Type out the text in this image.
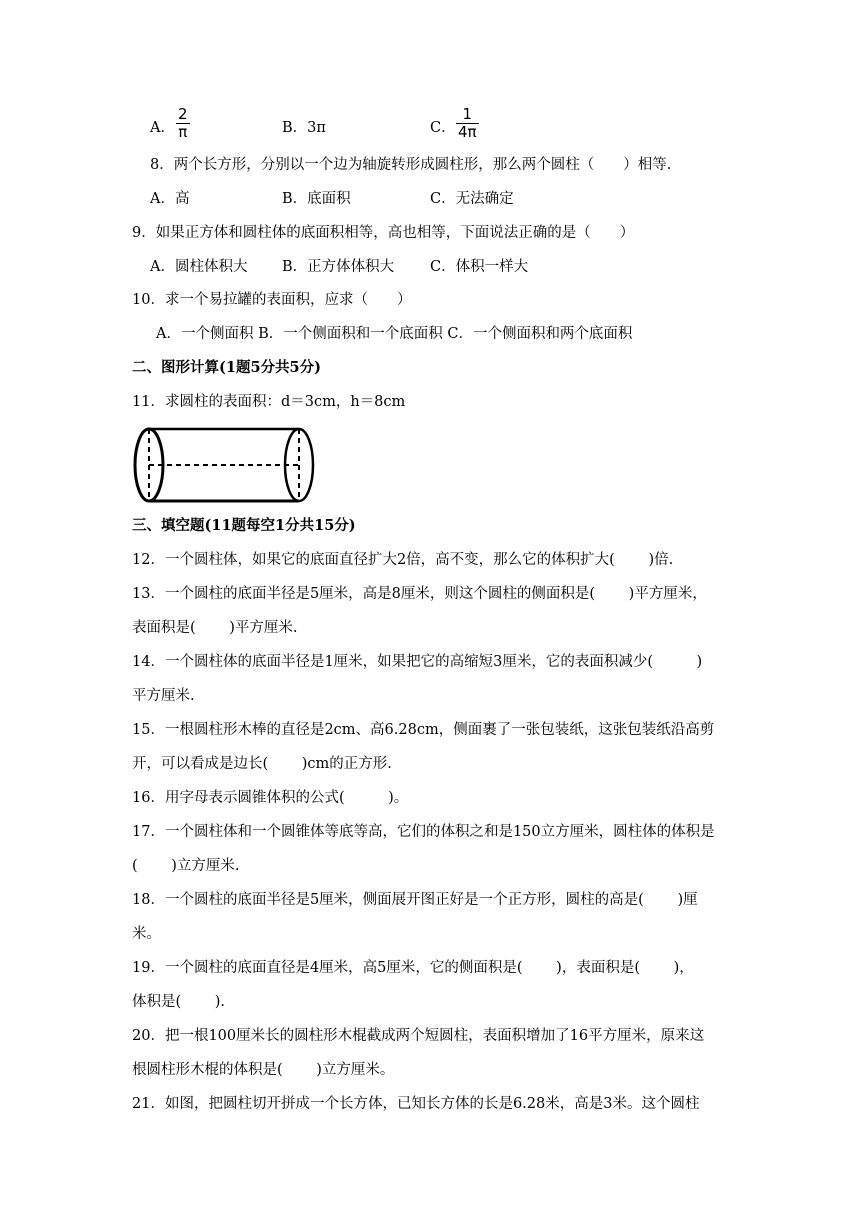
A． $\frac{2}{\pi}$	B．3π	C． $\frac{1}{4\pi}$
8．两个长方形，分别以一个边为轴旋转形成圆柱形，那么两个圆柱（　　）相等.
A．高	B．底面积	C．无法确定
9．如果正方体和圆柱体的底面积相等，高也相等，下面说法正确的是（　　）
A．圆柱体积大 B．正方体体积大 C．体积一样大
10．求一个易拉罐的表面积，应求（　　）
A．一个侧面积 B．一个侧面积和一个底面积 C．一个侧面积和两个底面积
二、图形计算(1题5分共5分)
11．求圆柱的表面积：d＝3cm，h＝8cm
三、填空题(11题每空1分共15分)
12．一个圆柱体，如果它的底面直径扩大2倍，高不变，那么它的体积扩大(　　 )倍.
13．一个圆柱的底面半径是5厘米，高是8厘米，则这个圆柱的侧面积是(　　 )平方厘米，
表面积是(　　 )平方厘米.
14．一个圆柱体的底面半径是1厘米，如果把它的高缩短3厘米，它的表面积减少(　　　)
平方厘米.
15．一根圆柱形木棒的直径是2cm、高6.28cm，侧面裹了一张包装纸，这张包装纸沿高剪
开，可以看成是边长(　　 )cm的正方形.
16．用字母表示圆锥体积的公式(　　　)。
17．一个圆柱体和一个圆锥体等底等高，它们的体积之和是150立方厘米，圆柱体的体积是
(　　 )立方厘米.
18．一个圆柱的底面半径是5厘米，侧面展开图正好是一个正方形，圆柱的高是(　　 )厘
米。
19．一个圆柱的底面直径是4厘米，高5厘米，它的侧面积是(　　 )，表面积是(　　 )，
体积是(　　 ).
20．把一根100厘米长的圆柱形木棍截成两个短圆柱，表面积增加了16平方厘米，原来这
根圆柱形木棍的体积是(　　 )立方厘米。
21．如图，把圆柱切开拼成一个长方体，已知长方体的长是6.28米，高是3米。这个圆柱
